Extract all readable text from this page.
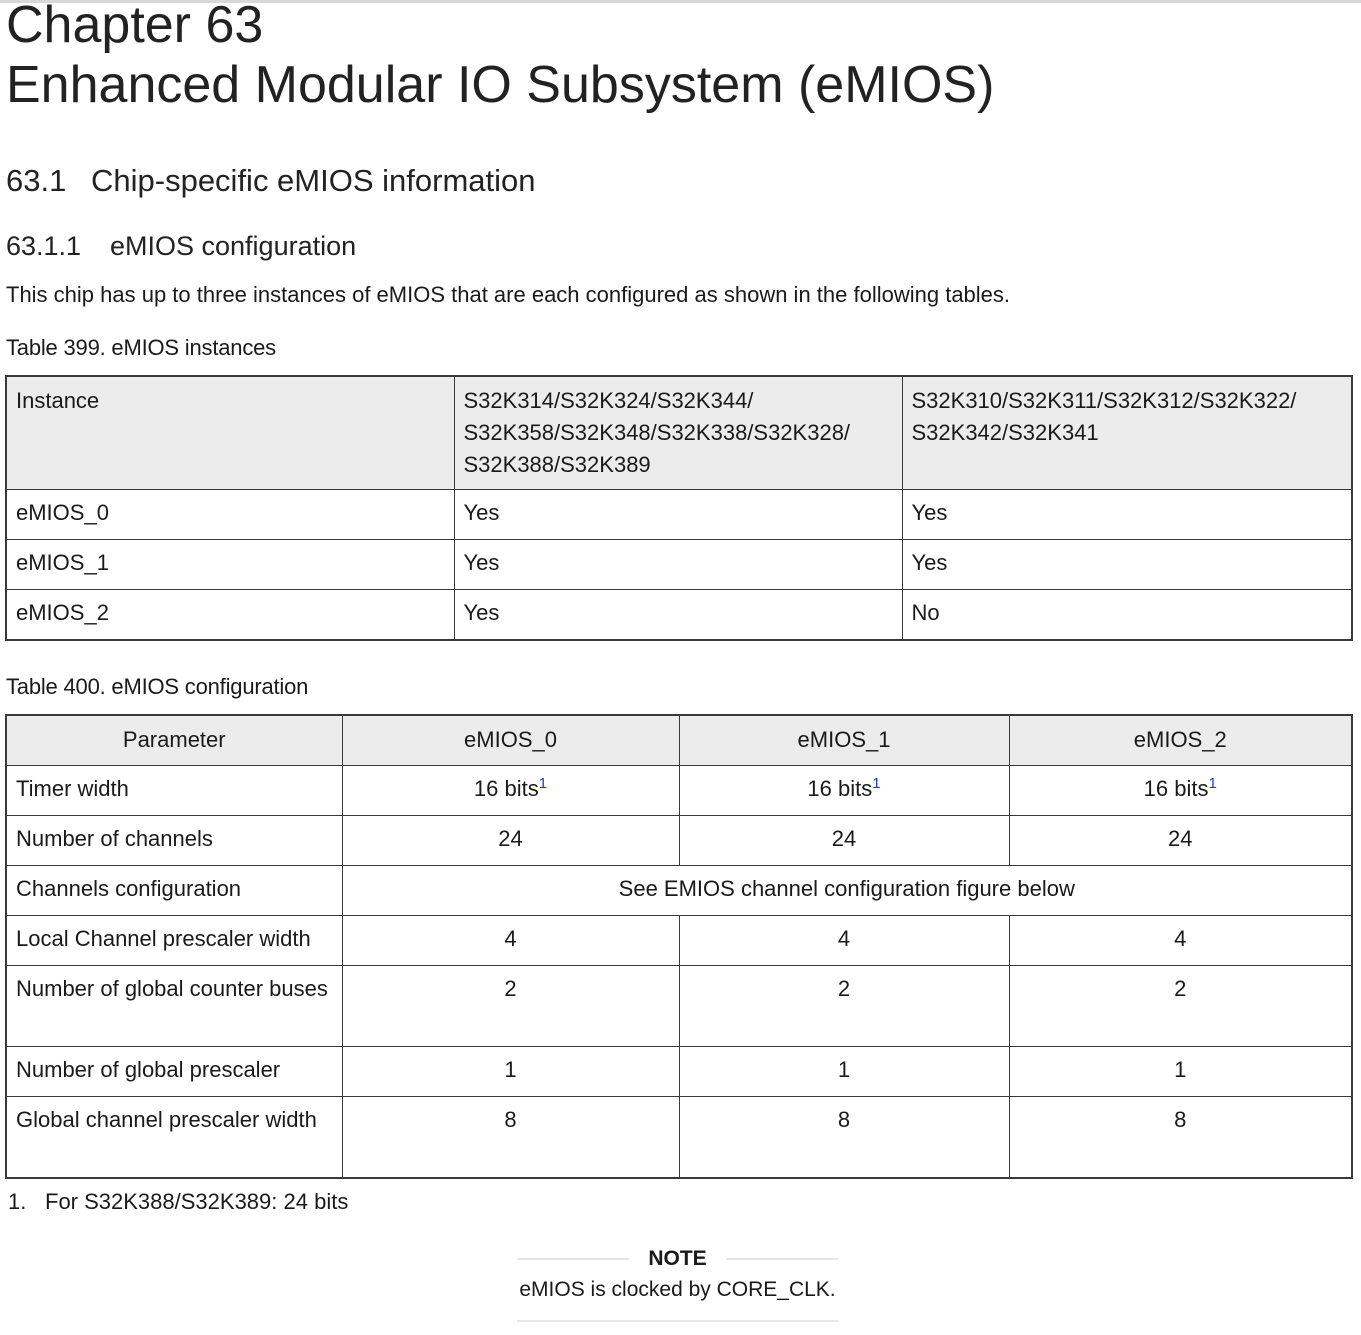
Chapter 63
Enhanced Modular IO Subsystem (eMIOS)
63.1 Chip-specific eMIOS information
63.1.1 eMIOS configuration

This chip has up to three instances of eMIOS that are each configured as shown in the following tables.

Table 399. eMIOS instances

Instance	S32K314/S32K324/S32K344/ S32K358/S32K348/S32K338/S32K328/ S32K388/S32K389	S32K310/S32K311/S32K312/S32K322/ S32K342/S32K341
eMIOS_0	Yes	Yes
eMIOS_1	Yes	Yes
eMIOS_2	Yes	No

Table 400. eMIOS configuration

Parameter	eMIOS_0	eMIOS_1	eMIOS_2
Timer width	16 bits$^1$	16 bits$^1$	16 bits$^1$
Number of channels	24	24	24
Channels configuration	See EMIOS channel configuration figure below		
Local Channel prescaler width	4	4	4
Number of global counter buses	2	2	2
Number of global prescaler	1	1	1
Global channel prescaler width	8	8	8

1. For S32K388/S32K389: 24 bits

NOTE
eMIOS is clocked by CORE_CLK.
